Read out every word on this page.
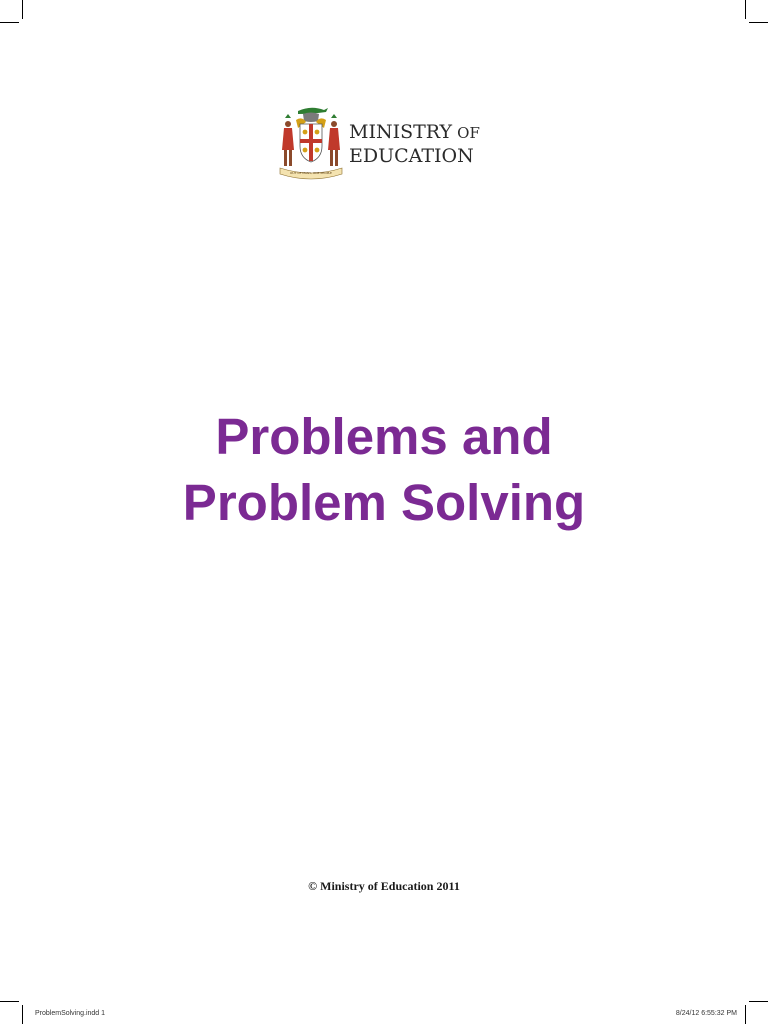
OUT OF MANY, ONE PEOPLE
MINISTRY OF
EDUCATION
Problems and
Problem Solving
© Ministry of Education 2011
ProblemSolving.indd 1	8/24/12 6:55:32 PM
